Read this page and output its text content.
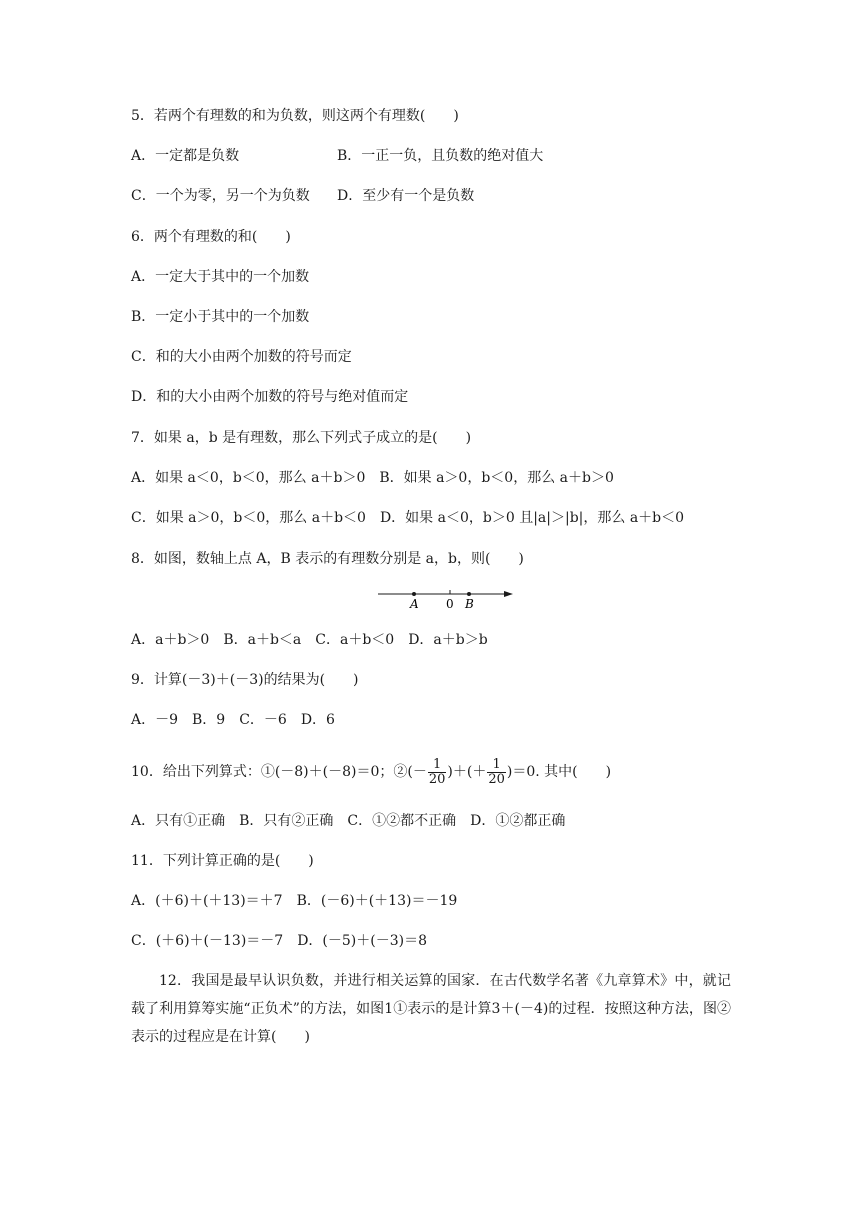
5．若两个有理数的和为负数，则这两个有理数(　　)
A．一定都是负数	B．一正一负，且负数的绝对值大
C．一个为零，另一个为负数 D．至少有一个是负数
6．两个有理数的和(　　)
A．一定大于其中的一个加数
B．一定小于其中的一个加数
C．和的大小由两个加数的符号而定
D．和的大小由两个加数的符号与绝对值而定
7．如果 a，b 是有理数，那么下列式子成立的是(　　)
A．如果 a＜0，b＜0，那么 a＋b＞0　B．如果 a＞0，b＜0，那么 a＋b＞0
C．如果 a＞0，b＜0，那么 a＋b＜0　D．如果 a＜0，b＞0 且|a|＞|b|，那么 a＋b＜0
8．如图，数轴上点 A，B 表示的有理数分别是 a，b，则(　　)
A 0 B
A．a＋b＞0　B．a＋b＜a　C．a＋b＜0　D．a＋b＞b
9．计算(－3)＋(－3)的结果为(　　)
A．－9　B．9　C．－6　D．6
10．给出下列算式：①(－8)＋(－8)＝0；②(－ $\frac{1}{20}$ )＋(＋ $\frac{1}{20} )=0$. 其中(　　)
A．只有①正确　B．只有②正确　C．①②都不正确　D．①②都正确
11．下列计算正确的是(　　)
A．(＋6)＋(＋13)＝＋7　B．(－6)＋(＋13)＝－19
C．(＋6)＋(－13)＝－7　D．(－5)＋(－3)＝8
12．我国是最早认识负数，并进行相关运算的国家．在古代数学名著《九章算术》中，就记载了利用算筹实施“正负术”的方法，如图1①表示的是计算3＋(－4)的过程．按照这种方法，图②表示的过程应是在计算(　　)
